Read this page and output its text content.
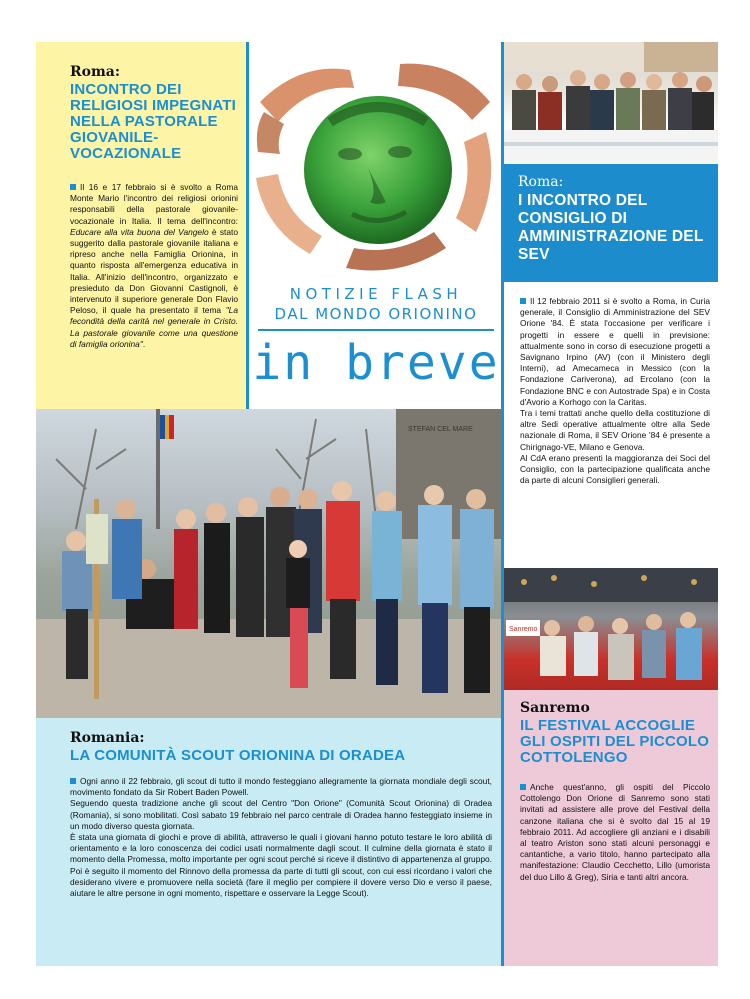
Roma:

INCONTRO DEI RELIGIOSI IMPEGNATI NELLA PASTORALE GIOVANILE-VOCAZIONALE

Il 16 e 17 febbraio si è svolto a Roma Monte Mario l'incontro dei religiosi orionini responsabili della pastorale giovanile-vocazionale in Italia. Il tema dell'incontro: Educare alla vita buona del Vangelo è stato suggerito dalla pastorale giovanile italiana e ripreso anche nella Famiglia Orionina, in quanto risposta all'emergenza educativa in Italia. All'inizio dell'incontro, organizzato e presieduto da Don Giovanni Castignoli, è intervenuto il superiore generale Don Flavio Peloso, il quale ha presentato il tema "La fecondità della carità nel generale in Cristo. La pastorale giovanile come una questione di famiglia orionina".

Roma:

I INCONTRO DEL CONSIGLIO DI AMMINISTRAZIONE DEL SEV

NOTIZIE FLASH
DAL MONDO ORIONINO
in breve

Il 12 febbraio 2011 si è svolto a Roma, in Curia generale, il Consiglio di Amministrazione del SEV Orione '84. È stata l'occasione per verificare i progetti in essere e quelli in previsione: attualmente sono in corso di esecuzione progetti a Savignano Irpino (AV) (con il Ministero degli Interni), ad Amecameca in Messico (con la Fondazione Cariverona), ad Ercolano (con la Fondazione BNC e con Autostrade Spa) e in Costa d'Avorio a Korhogo con la Caritas.

Tra i temi trattati anche quello della costituzione di altre Sedi operative attualmente oltre alla Sede nazionale di Roma, il SEV Orione '84 è presente a Chirignago-VE, Milano e Genova.

Al CdA erano presenti la maggioranza dei Soci del Consiglio, con la partecipazione qualificata anche da parte di alcuni Consiglieri generali.

STEFAN CEL MARE
Sanremo

Sanremo

IL FESTIVAL ACCOGLIE GLI OSPITI DEL PICCOLO COTTOLENGO

Anche quest'anno, gli ospiti del Piccolo Cottolengo Don Orione di Sanremo sono stati invitati ad assistere alle prove del Festival della canzone italiana che si è svolto dal 15 al 19 febbraio 2011. Ad accogliere gli anziani e i disabili al teatro Ariston sono stati alcuni personaggi e cantantiche, a vario titolo, hanno partecipato alla manifestazione: Claudio Cecchetto, Lillo (umorista del duo Lillo & Greg), Siria e tanti altri ancora.

Romania:

LA COMUNITÀ SCOUT ORIONINA DI ORADEA

Ogni anno il 22 febbraio, gli scout di tutto il mondo festeggiano allegramente la giornata mondiale degli scout, movimento fondato da Sir Robert Baden Powell.

Seguendo questa tradizione anche gli scout del Centro "Don Orione" (Comunità Scout Orionina) di Oradea (Romania), si sono mobilitati. Così sabato 19 febbraio nel parco centrale di Oradea hanno festeggiato insieme in un modo diverso questa giornata.

È stata una giornata di giochi e prove di abilità, attraverso le quali i giovani hanno potuto testare le loro abilità di orientamento e la loro conoscenza dei codici usati normalmente dagli scout. Il culmine della giornata è stato il momento della Promessa, molto importante per ogni scout perché si riceve il distintivo di appartenenza al gruppo. Poi è seguito il momento del Rinnovo della promessa da parte di tutti gli scout, con cui essi ricordano i valori che desiderano vivere e promuovere nella società (fare il meglio per compiere il dovere verso Dio e verso il paese, aiutare le altre persone in ogni momento, rispettare e osservare la Legge Scout).
